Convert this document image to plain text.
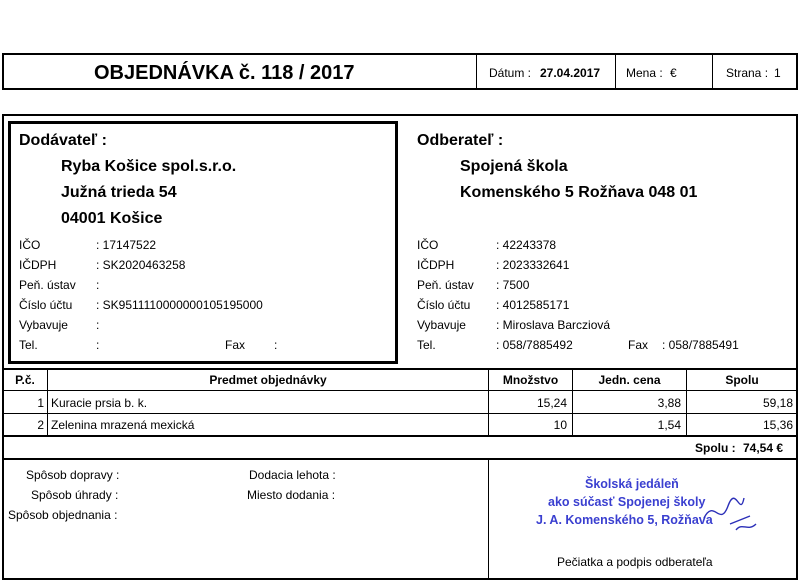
OBJEDNÁVKA č. 118 / 2017	Dátum : 27.04.2017 Mena : €	Strana : 1
Dodávateľ :
Ryba Košice spol.s.r.o.
Južná trieda 54
04001 Košice
IČO	: 17147522
IČDPH	: SK2020463258
Peň. ústav :
Číslo účtu : SK9511110000000105195000
Vybavuje :
Tel.	:	Fax :
Odberateľ :
Spojená škola
Komenského 5 Rožňava 048 01
IČO	: 42243378
IČDPH	: 2023332641
Peň. ústav : 7500
Číslo účtu : 4012585171
Vybavuje	: Miroslava Barcziová
Tel.	: 058/7885492	Fax : 058/7885491
P.č.	Predmet objednávky	Množstvo	Jedn. cena	Spolu
1 Kuracie prsia b. k.	15,24	3,88	59,18
2 Zelenina mrazená mexická	10	1,54	15,36
Spolu : 74,54 €
Spôsob dopravy :
Spôsob úhrady :
Spôsob objednania :
Dodacia lehota :
Miesto dodania :
Školská jedáleň
ako súčasť Spojenej školy
J. A. Komenského 5, Rožňava
Pečiatka a podpis odberateľa
